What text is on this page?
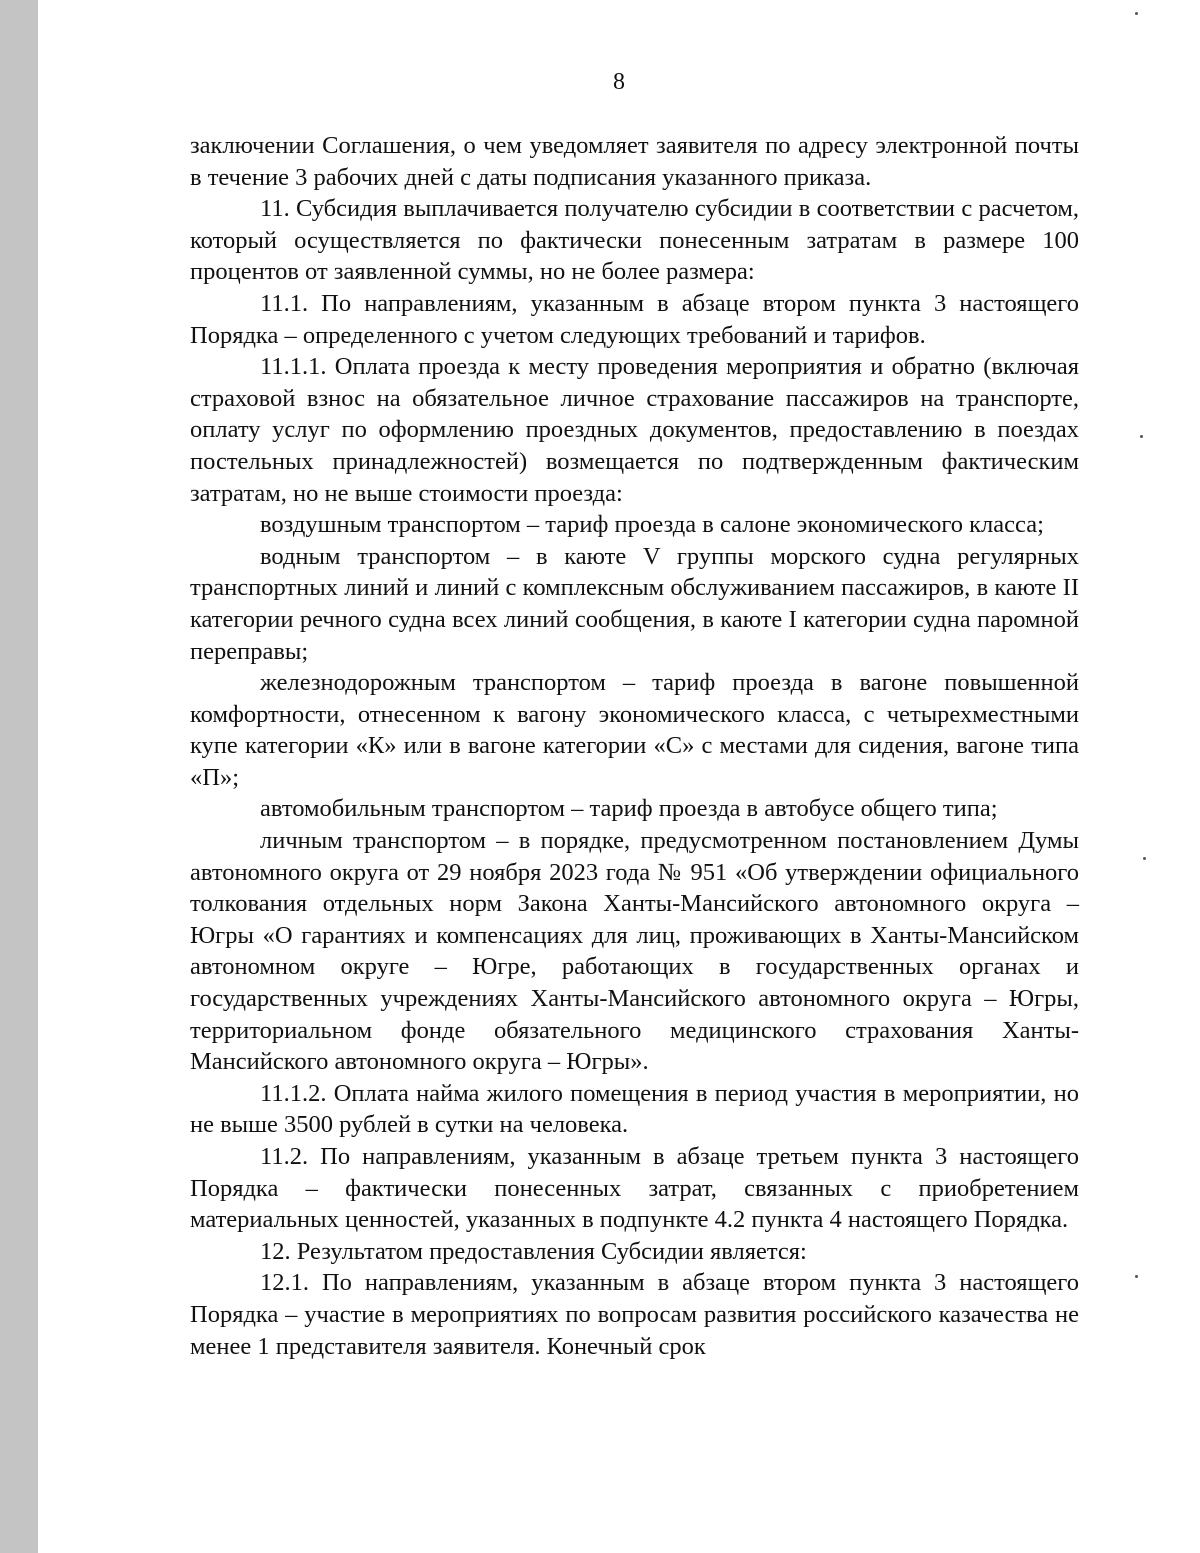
8

заключении Соглашения, о чем уведомляет заявителя по адресу электронной почты в течение 3 рабочих дней с даты подписания указанного приказа.

11. Субсидия выплачивается получателю субсидии в соответствии с расчетом, который осуществляется по фактически понесенным затратам в размере 100 процентов от заявленной суммы, но не более размера:

11.1. По направлениям, указанным в абзаце втором пункта 3 настоящего Порядка – определенного с учетом следующих требований и тарифов.

11.1.1. Оплата проезда к месту проведения мероприятия и обратно (включая страховой взнос на обязательное личное страхование пассажиров на транспорте, оплату услуг по оформлению проездных документов, предоставлению в поездах постельных принадлежностей) возмещается по подтвержденным фактическим затратам, но не выше стоимости проезда:

воздушным транспортом – тариф проезда в салоне экономического класса;

водным транспортом – в каюте V группы морского судна регулярных транспортных линий и линий с комплексным обслуживанием пассажиров, в каюте II категории речного судна всех линий сообщения, в каюте I категории судна паромной переправы;

железнодорожным транспортом – тариф проезда в вагоне повышенной комфортности, отнесенном к вагону экономического класса, с четырехместными купе категории «К» или в вагоне категории «С» с местами для сидения, вагоне типа «П»;

автомобильным транспортом – тариф проезда в автобусе общего типа;

личным транспортом – в порядке, предусмотренном постановлением Думы автономного округа от 29 ноября 2023 года № 951 «Об утверждении официального толкования отдельных норм Закона Ханты-Мансийского автономного округа – Югры «О гарантиях и компенсациях для лиц, проживающих в Ханты-Мансийском автономном округе – Югре, работающих в государственных органах и государственных учреждениях Ханты-Мансийского автономного округа – Югры, территориальном фонде обязательного медицинского страхования Ханты-Мансийского автономного округа – Югры».

11.1.2. Оплата найма жилого помещения в период участия в мероприятии, но не выше 3500 рублей в сутки на человека.

11.2. По направлениям, указанным в абзаце третьем пункта 3 настоящего Порядка – фактически понесенных затрат, связанных с приобретением материальных ценностей, указанных в подпункте 4.2 пункта 4 настоящего Порядка.

12. Результатом предоставления Субсидии является:

12.1. По направлениям, указанным в абзаце втором пункта 3 настоящего Порядка – участие в мероприятиях по вопросам развития российского казачества не менее 1 представителя заявителя. Конечный срок
